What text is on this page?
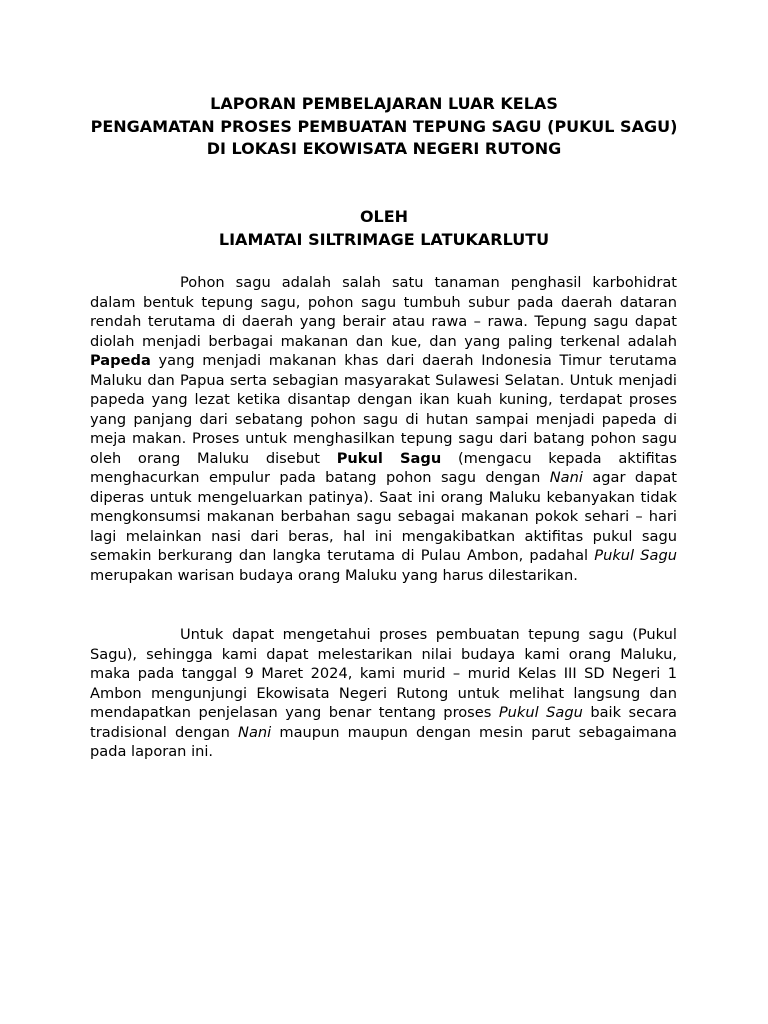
LAPORAN PEMBELAJARAN LUAR KELAS
PENGAMATAN PROSES PEMBUATAN TEPUNG SAGU (PUKUL SAGU)
DI LOKASI EKOWISATA NEGERI RUTONG
OLEH
LIAMATAI SILTRIMAGE LATUKARLUTU

Pohon sagu adalah salah satu tanaman penghasil karbohidrat dalam bentuk tepung sagu, pohon sagu tumbuh subur pada daerah dataran rendah terutama di daerah yang berair atau rawa – rawa. Tepung sagu dapat diolah menjadi berbagai makanan dan kue, dan yang paling terkenal adalah Papeda yang menjadi makanan khas dari daerah Indonesia Timur terutama Maluku dan Papua serta sebagian masyarakat Sulawesi Selatan. Untuk menjadi papeda yang lezat ketika disantap dengan ikan kuah kuning, terdapat proses yang panjang dari sebatang pohon sagu di hutan sampai menjadi papeda di meja makan. Proses untuk menghasilkan tepung sagu dari batang pohon sagu oleh orang Maluku disebut Pukul Sagu (mengacu kepada aktifitas menghacurkan empulur pada batang pohon sagu dengan Nani agar dapat diperas untuk mengeluarkan patinya). Saat ini orang Maluku kebanyakan tidak mengkonsumsi makanan berbahan sagu sebagai makanan pokok sehari – hari lagi melainkan nasi dari beras, hal ini mengakibatkan aktifitas pukul sagu semakin berkurang dan langka terutama di Pulau Ambon, padahal Pukul Sagu merupakan warisan budaya orang Maluku yang harus dilestarikan.

Untuk dapat mengetahui proses pembuatan tepung sagu (Pukul Sagu), sehingga kami dapat melestarikan nilai budaya kami orang Maluku, maka pada tanggal 9 Maret 2024, kami murid – murid Kelas III SD Negeri 1 Ambon mengunjungi Ekowisata Negeri Rutong untuk melihat langsung dan mendapatkan penjelasan yang benar tentang proses Pukul Sagu baik secara tradisional dengan Nani maupun maupun dengan mesin parut sebagaimana pada laporan ini.
